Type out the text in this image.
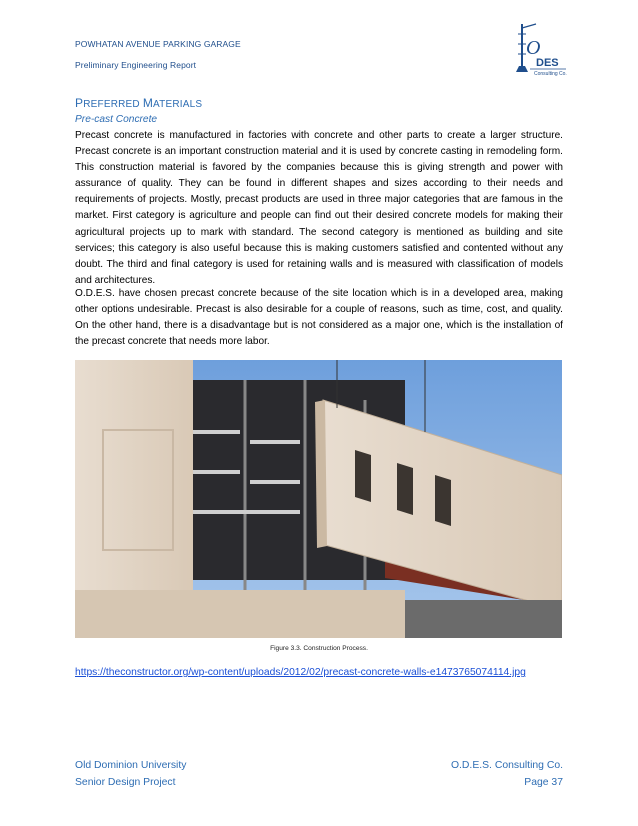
POWHATAN AVENUE PARKING GARAGE
Preliminary Engineering Report
O
DES
Consulting Co.
PREFERRED MATERIALS
Pre-cast Concrete

Precast concrete is manufactured in factories with concrete and other parts to create a larger structure. Precast concrete is an important construction material and it is used by concrete casting in remodeling form. This construction material is favored by the companies because this is giving strength and power with assurance of quality. They can be found in different shapes and sizes according to their needs and requirements of projects. Mostly, precast products are used in three major categories that are famous in the market. First category is agriculture and people can find out their desired concrete models for making their agricultural projects up to mark with standard. The second category is mentioned as building and site services; this category is also useful because this is making customers satisfied and contented without any doubt. The third and final category is used for retaining walls and is measured with classification of models and architectures.

O.D.E.S. have chosen precast concrete because of the site location which is in a developed area, making other options undesirable. Precast is also desirable for a couple of reasons, such as time, cost, and quality. On the other hand, there is a disadvantage but is not considered as a major one, which is the installation of the precast concrete that needs more labor.

Figure 3.3. Construction Process.
https://theconstructor.org/wp-content/uploads/2012/02/precast-concrete-walls-e1473765074114.jpg
Old Dominion University
Senior Design Project
O.D.E.S. Consulting Co.
Page 37
